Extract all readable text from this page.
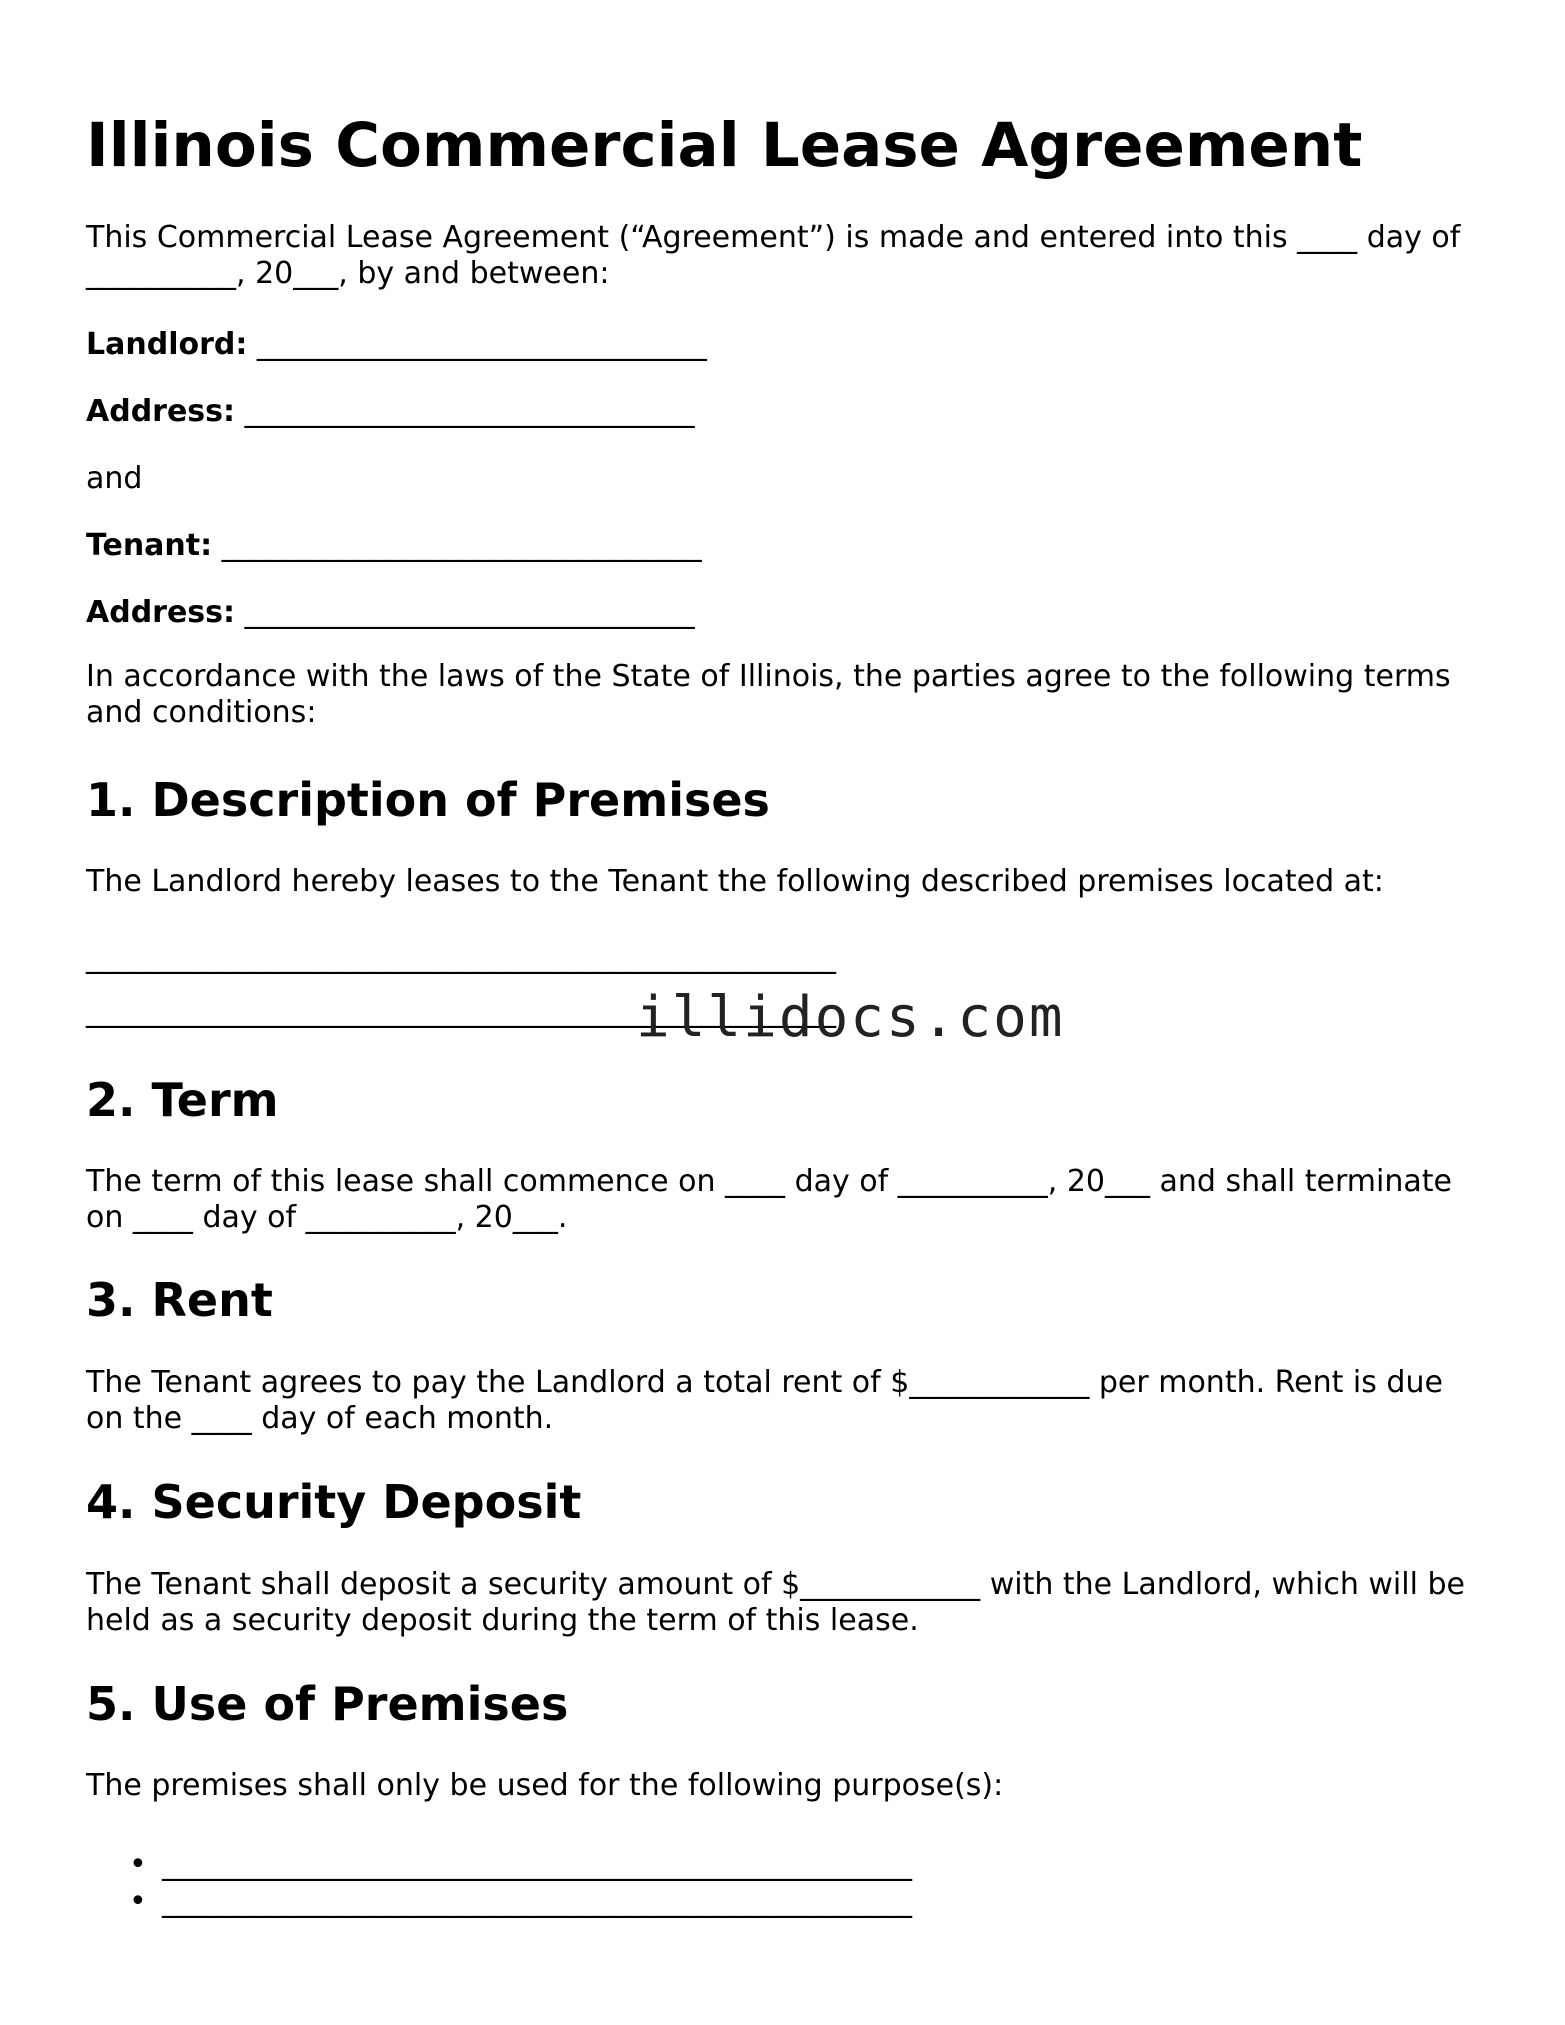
Illinois Commercial Lease Agreement

This Commercial Lease Agreement (“Agreement”) is made and entered into this ____ day of __________, 20___, by and between:

Landlord: ______________________________

Address: ______________________________

and

Tenant: ________________________________

Address: ______________________________

In accordance with the laws of the State of Illinois, the parties agree to the following terms and conditions:

1. Description of Premises

The Landlord hereby leases to the Tenant the following described premises located at:

__________________________________________________

__________________________________________________

2. Term

The term of this lease shall commence on ____ day of __________, 20___ and shall terminate on ____ day of __________, 20___.

3. Rent

The Tenant agrees to pay the Landlord a total rent of $____________ per month. Rent is due on the ____ day of each month.

4. Security Deposit

The Tenant shall deposit a security amount of $____________ with the Landlord, which will be held as a security deposit during the term of this lease.

5. Use of Premises

The premises shall only be used for the following purpose(s):

• __________________________________________________
• __________________________________________________
illidocs.com
